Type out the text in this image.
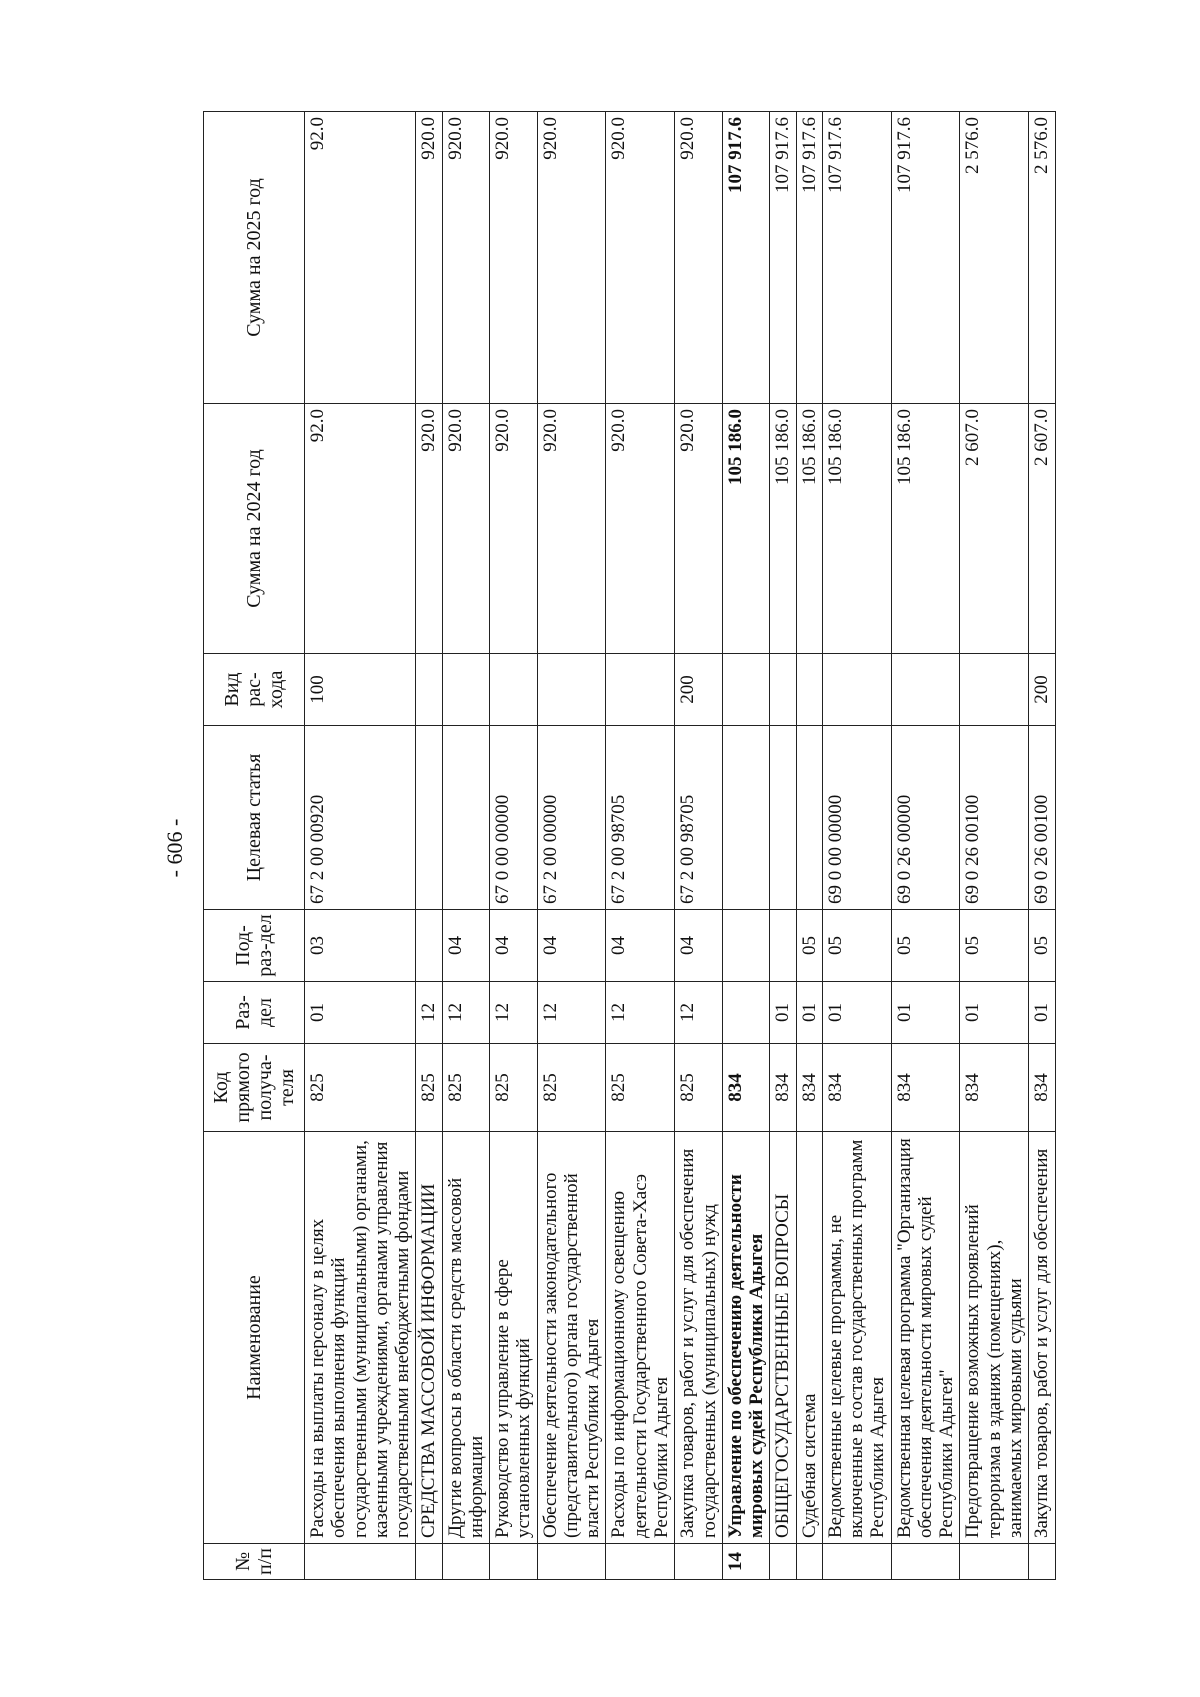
- 606 -
№ п/п	Наименование	Код прямого получа-теля	Раз-дел	Под-раз-дел	Целевая статья	Вид рас-хода	Сумма на 2024 год	Сумма на 2025 год
	Расходы на выплаты персоналу в целях обеспечения выполнения функций государственными (муниципальными) органами, казенными учреждениями, органами управления государственными внебюджетными фондами	825	01	03	67 2 00 00920	100	92.0	92.0
	СРЕДСТВА МАССОВОЙ ИНФОРМАЦИИ	825	12				920.0	920.0
	Другие вопросы в области средств массовой информации	825	12	04			920.0	920.0
	Руководство и управление в сфере установленных функций	825	12	04	67 0 00 00000		920.0	920.0
	Обеспечение деятельности законодательного (представительного) органа государственной власти Республики Адыгея	825	12	04	67 2 00 00000		920.0	920.0
	Расходы по информационному освещению деятельности Государственного Совета-Хасэ Республики Адыгея	825	12	04	67 2 00 98705		920.0	920.0
	Закупка товаров, работ и услуг для обеспечения государственных (муниципальных) нужд	825	12	04	67 2 00 98705	200	920.0	920.0
14	Управление по обеспечению деятельности мировых судей Республики Адыгея	834					105 186.0	107 917.6
	ОБЩЕГОСУДАРСТВЕННЫЕ ВОПРОСЫ	834	01				105 186.0	107 917.6
	Судебная система	834	01	05			105 186.0	107 917.6
	Ведомственные целевые программы, не включенные в состав государственных программ Республики Адыгея	834	01	05	69 0 00 00000		105 186.0	107 917.6
	Ведомственная целевая программа "Организация обеспечения деятельности мировых судей Республики Адыгея"	834	01	05	69 0 26 00000		105 186.0	107 917.6
	Предотвращение возможных проявлений терроризма в зданиях (помещениях), занимаемых мировыми судьями	834	01	05	69 0 26 00100		2 607.0	2 576.0
	Закупка товаров, работ и услуг для обеспечения	834	01	05	69 0 26 00100	200	2 607.0	2 576.0
